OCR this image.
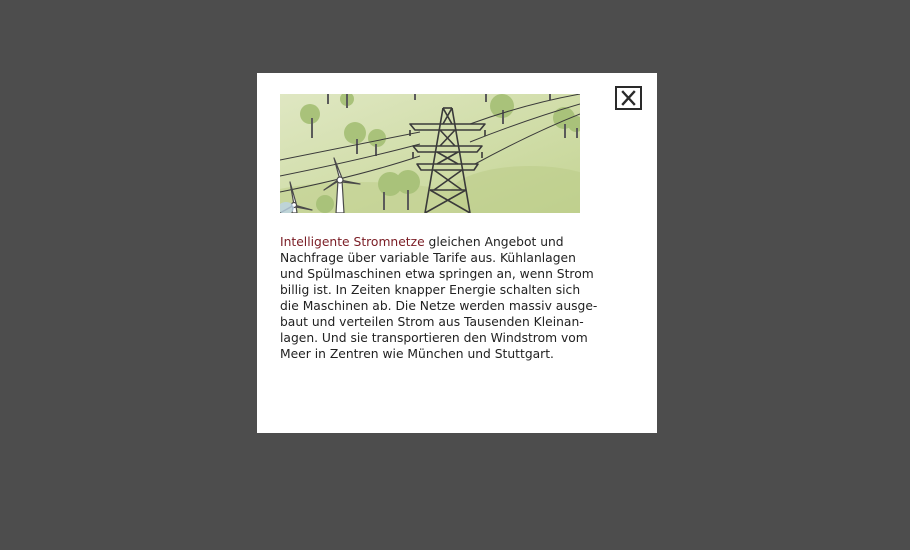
Intelligente Stromnetze gleichen Angebot und
Nachfrage über variable Tarife aus. Kühlanlagen
und Spülmaschinen etwa springen an, wenn Strom
billig ist. In Zeiten knapper Energie schalten sich
die Maschinen ab. Die Netze werden massiv ausge-
baut und verteilen Strom aus Tausenden Kleinan-
lagen. Und sie transportieren den Windstrom vom
Meer in Zentren wie München und Stuttgart.
